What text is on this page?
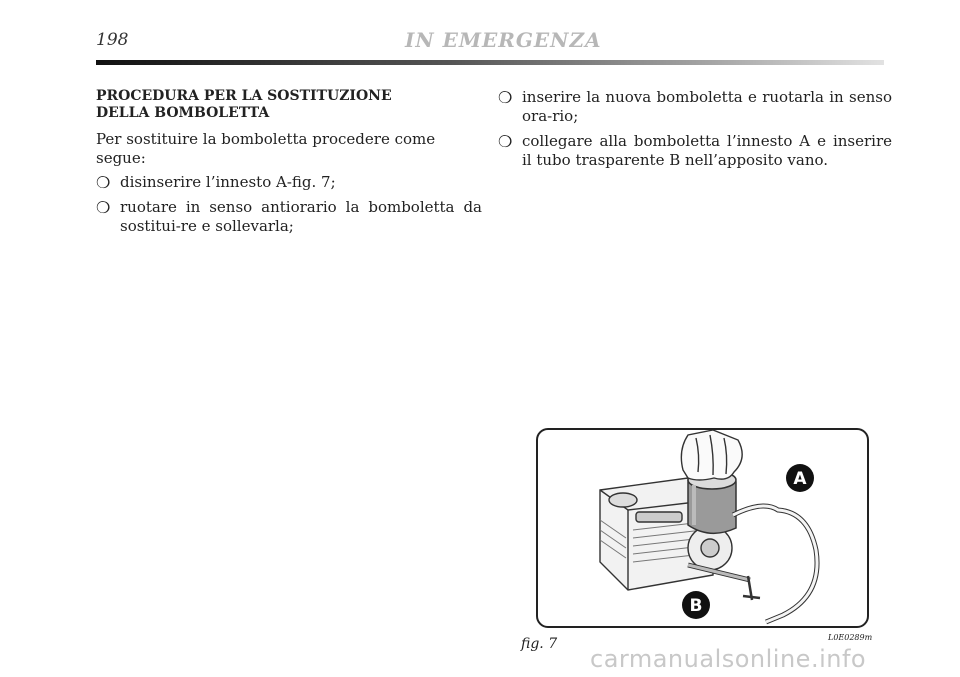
198	IN EMERGENZA
PROCEDURA PER LA SOSTITUZIONE
DELLA BOMBOLETTA
Per sostituire la bomboletta procedere come segue:
❍ disinserire l’innesto A-fig. 7;
❍ ruotare in senso antiorario la bomboletta da sostitui-re e sollevarla;
❍ inserire la nuova bomboletta e ruotarla in senso ora-rio;
❍ collegare alla bomboletta l’innesto A e inserire il tubo trasparente B nell’apposito vano.
A
B
fig. 7	L0E0289m
carmanualsonline.info
